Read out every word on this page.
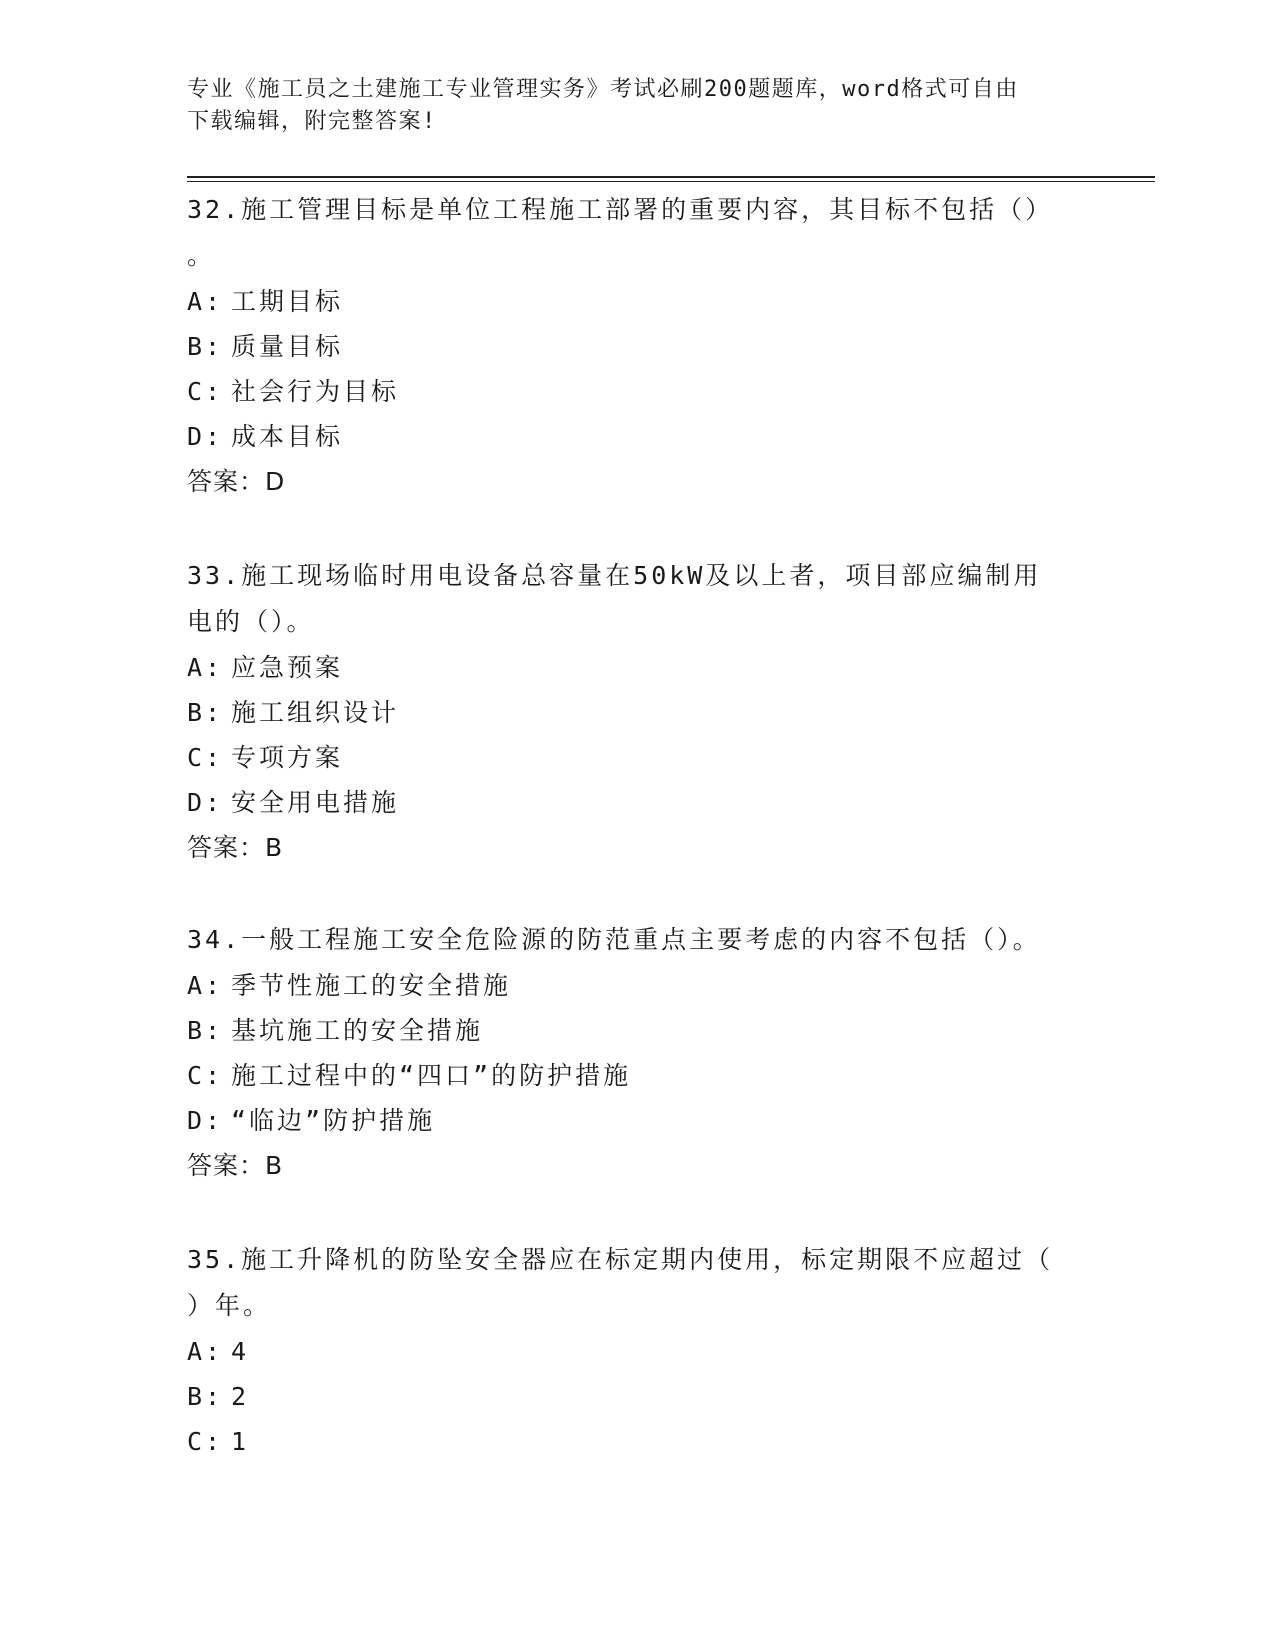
专业《施工员之土建施工专业管理实务》考试必刷200题题库，word格式可自由
下载编辑，附完整答案!
32.施工管理目标是单位工程施工部署的重要内容，其目标不包括（）
。
A: 工期目标
B: 质量目标
C: 社会行为目标
D: 成本目标
答案：D
33.施工现场临时用电设备总容量在50kW及以上者，项目部应编制用
电的（）。
A: 应急预案
B: 施工组织设计
C: 专项方案
D: 安全用电措施
答案：B
34.一般工程施工安全危险源的防范重点主要考虑的内容不包括（）。
A: 季节性施工的安全措施
B: 基坑施工的安全措施
C: 施工过程中的“四口”的防护措施
D: “临边”防护措施
答案：B
35.施工升降机的防坠安全器应在标定期内使用，标定期限不应超过（
）年。
A: 4
B: 2
C: 1
